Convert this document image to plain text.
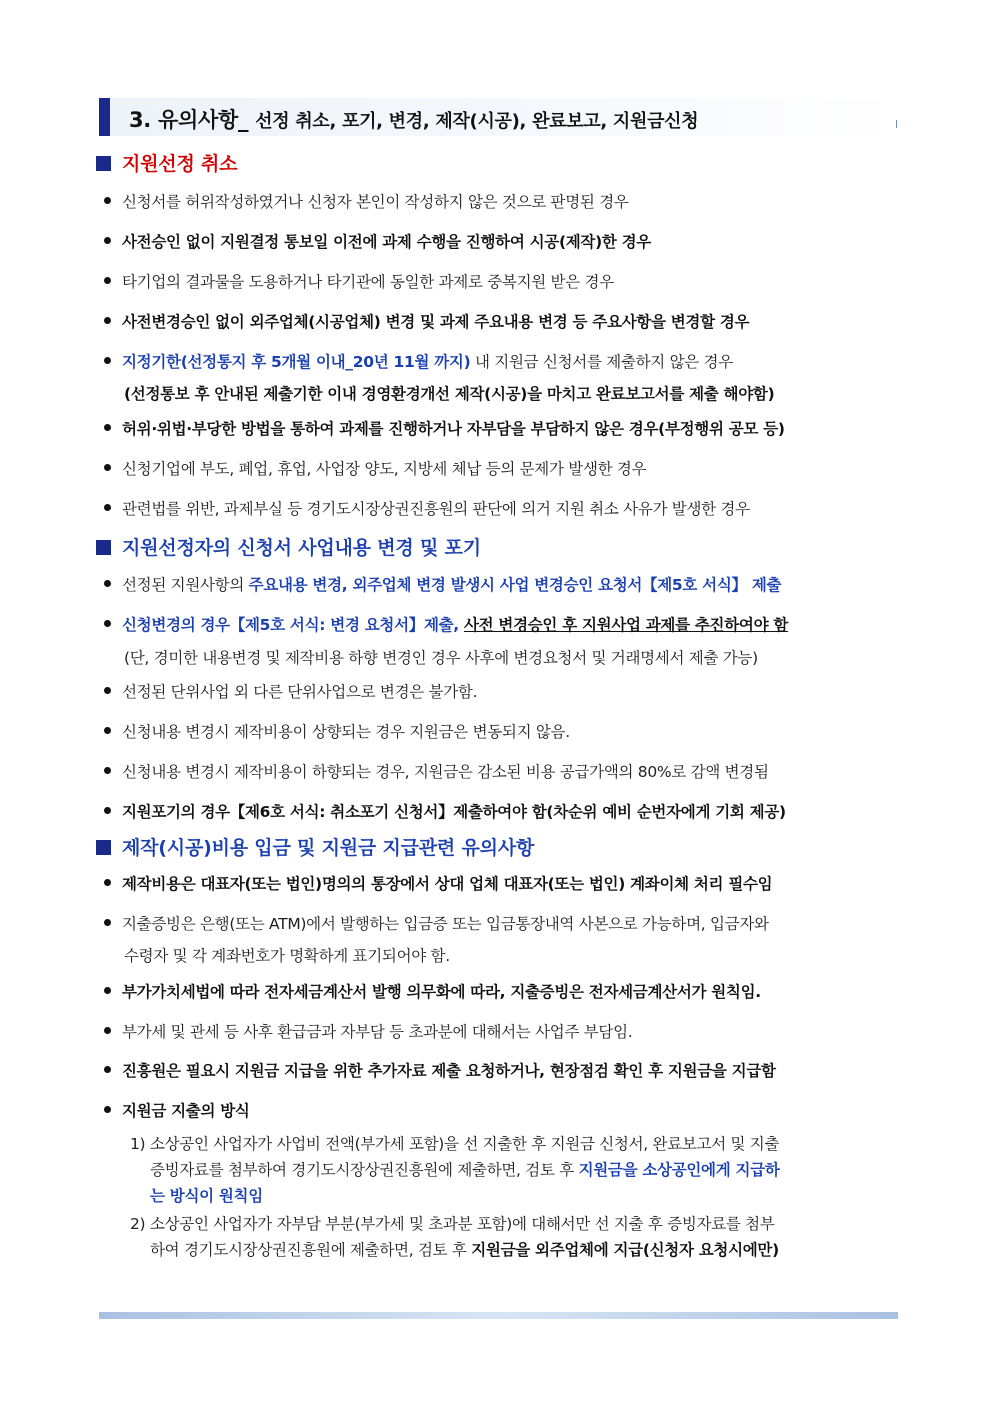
3. 유의사항_ 선정 취소, 포기, 변경, 제작(시공), 완료보고, 지원금신청
지원선정 취소
신청서를 허위작성하였거나 신청자 본인이 작성하지 않은 것으로 판명된 경우
사전승인 없이 지원결정 통보일 이전에 과제 수행을 진행하여 시공(제작)한 경우
타기업의 결과물을 도용하거나 타기관에 동일한 과제로 중복지원 받은 경우
사전변경승인 없이 외주업체(시공업체) 변경 및 과제 주요내용 변경 등 주요사항을 변경할 경우
지정기한(선정통지 후 5개월 이내_20년 11월 까지) 내 지원금 신청서를 제출하지 않은 경우
(선정통보 후 안내된 제출기한 이내 경영환경개선 제작(시공)을 마치고 완료보고서를 제출 해야함)
허위·위법·부당한 방법을 통하여 과제를 진행하거나 자부담을 부담하지 않은 경우(부정행위 공모 등)
신청기업에 부도, 폐업, 휴업, 사업장 양도, 지방세 체납 등의 문제가 발생한 경우
관련법를 위반, 과제부실 등 경기도시장상권진흥원의 판단에 의거 지원 취소 사유가 발생한 경우
지원선정자의 신청서 사업내용 변경 및 포기
선정된 지원사항의 주요내용 변경, 외주업체 변경 발생시 사업 변경승인 요청서【제5호 서식】 제출
신청변경의 경우【제5호 서식: 변경 요청서】제출, 사전 변경승인 후 지원사업 과제를 추진하여야 함
(단, 경미한 내용변경 및 제작비용 하향 변경인 경우 사후에 변경요청서 및 거래명세서 제출 가능)
선정된 단위사업 외 다른 단위사업으로 변경은 불가함.
신청내용 변경시 제작비용이 상향되는 경우 지원금은 변동되지 않음.
신청내용 변경시 제작비용이 하향되는 경우, 지원금은 감소된 비용 공급가액의 80%로 감액 변경됨
지원포기의 경우【제6호 서식: 취소포기 신청서】제출하여야 함(차순위 예비 순번자에게 기회 제공)
제작(시공)비용 입금 및 지원금 지급관련 유의사항
제작비용은 대표자(또는 법인)명의의 통장에서 상대 업체 대표자(또는 법인) 계좌이체 처리 필수임
지출증빙은 은행(또는 ATM)에서 발행하는 입금증 또는 입금통장내역 사본으로 가능하며, 입금자와
수령자 및 각 계좌번호가 명확하게 표기되어야 함.
부가가치세법에 따라 전자세금계산서 발행 의무화에 따라, 지출증빙은 전자세금계산서가 원칙임.
부가세 및 관세 등 사후 환급금과 자부담 등 초과분에 대해서는 사업주 부담임.
진흥원은 필요시 지원금 지급을 위한 추가자료 제출 요청하거나, 현장점검 확인 후 지원금을 지급함
지원금 지출의 방식
1) 소상공인 사업자가 사업비 전액(부가세 포함)을 선 지출한 후 지원금 신청서, 완료보고서 및 지출
증빙자료를 첨부하여 경기도시장상권진흥원에 제출하면, 검토 후 지원금을 소상공인에게 지급하
는 방식이 원칙임
2) 소상공인 사업자가 자부담 부분(부가세 및 초과분 포함)에 대해서만 선 지출 후 증빙자료를 첨부
하여 경기도시장상권진흥원에 제출하면, 검토 후 지원금을 외주업체에 지급(신청자 요청시에만)
